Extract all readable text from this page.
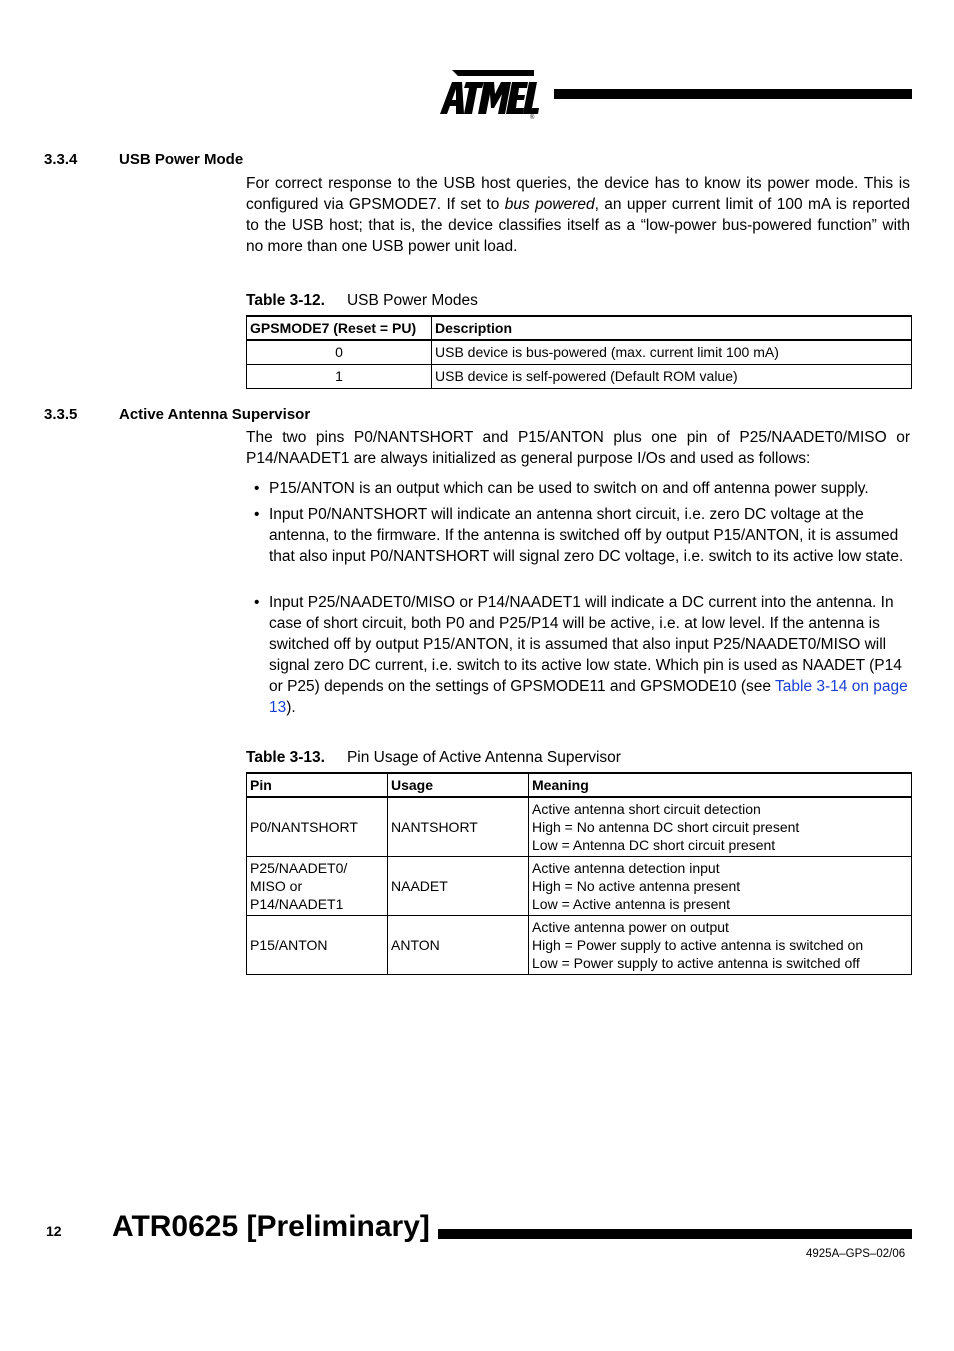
®
3.3.4	USB Power Mode
For correct response to the USB host queries, the device has to know its power mode. This is configured via GPSMODE7. If set to bus powered, an upper current limit of 100 mA is reported to the USB host; that is, the device classifies itself as a “low-power bus-powered function” with no more than one USB power unit load.
Table 3-12. USB Power Modes
GPSMODE7 (Reset = PU)	Description
0	USB device is bus-powered (max. current limit 100 mA)
1	USB device is self-powered (Default ROM value)
3.3.5	Active Antenna Supervisor
The two pins P0/NANTSHORT and P15/ANTON plus one pin of P25/NAADET0/MISO or P14/NAADET1 are always initialized as general purpose I/Os and used as follows:
• P15/ANTON is an output which can be used to switch on and off antenna power supply.
• Input P0/NANTSHORT will indicate an antenna short circuit, i.e. zero DC voltage at the antenna, to the firmware. If the antenna is switched off by output P15/ANTON, it is assumed that also input P0/NANTSHORT will signal zero DC voltage, i.e. switch to its active low state.
• Input P25/NAADET0/MISO or P14/NAADET1 will indicate a DC current into the antenna. In case of short circuit, both P0 and P25/P14 will be active, i.e. at low level. If the antenna is switched off by output P15/ANTON, it is assumed that also input P25/NAADET0/MISO will signal zero DC current, i.e. switch to its active low state. Which pin is used as NAADET (P14 or P25) depends on the settings of GPSMODE11 and GPSMODE10 (see Table 3-14 on page 13).
Table 3-13. Pin Usage of Active Antenna Supervisor
Pin	Usage	Meaning

P0/NANTSHORT	NANTSHORT	Active antenna short circuit detection
High = No antenna DC short circuit present
Low = Antenna DC short circuit present

P25/NAADET0/
MISO or
P14/NAADET1	NAADET	Active antenna detection input
High = No active antenna present
Low = Active antenna is present

P15/ANTON	ANTON	Active antenna power on output
High = Power supply to active antenna is switched on
Low = Power supply to active antenna is switched off
12 ATR0625 [Preliminary]
4925A–GPS–02/06
